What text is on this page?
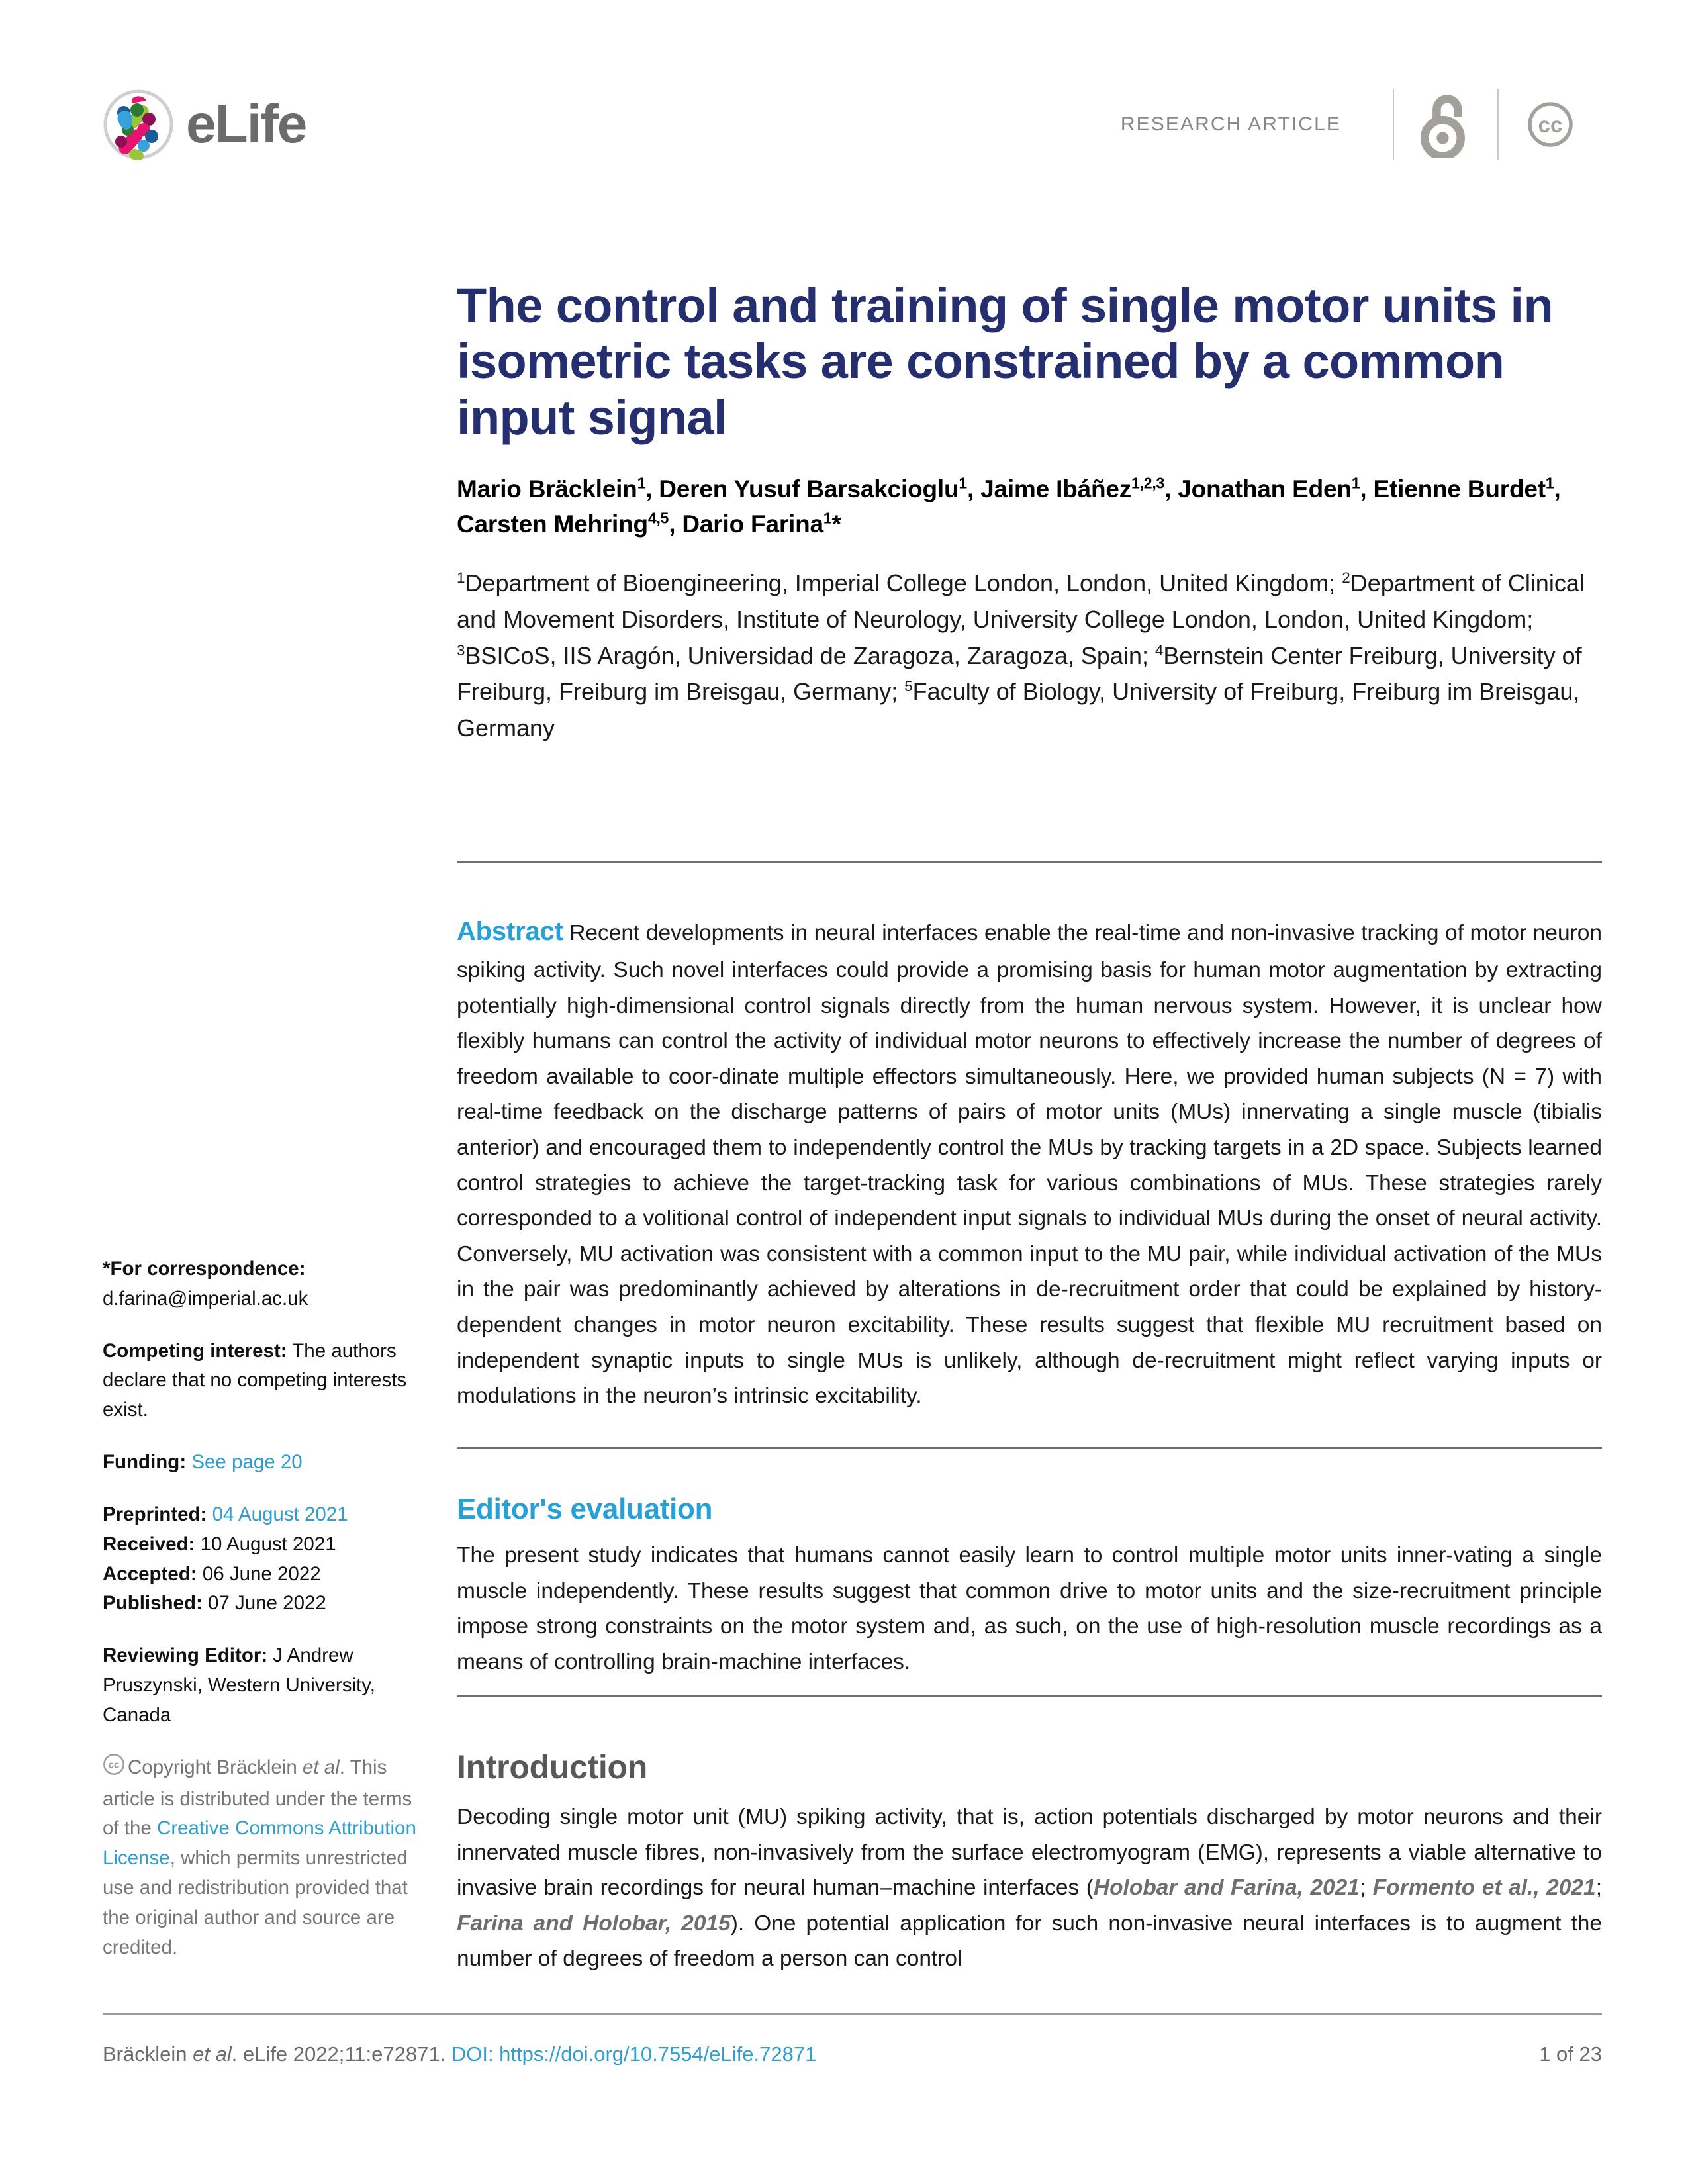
eLife	RESEARCH ARTICLE	cc
The control and training of single motor units in isometric tasks are constrained by a common input signal
Mario Bräcklein$^1$, Deren Yusuf Barsakcioglu$^1$, Jaime Ibáñez$^{1,2,3}$, Jonathan Eden$^1$, Etienne Burdet$^1$, Carsten Mehring$^{4,5}$, Dario Farina$^1$*
$^1$Department of Bioengineering, Imperial College London, London, United Kingdom; $^2$Department of Clinical and Movement Disorders, Institute of Neurology, University College London, London, United Kingdom; $^3$BSICoS, IIS Aragón, Universidad de Zaragoza, Zaragoza, Spain; $^4$Bernstein Center Freiburg, University of Freiburg, Freiburg im Breisgau, Germany; $^5$Faculty of Biology, University of Freiburg, Freiburg im Breisgau, Germany

Abstract Recent developments in neural interfaces enable the real-time and non-invasive tracking of motor neuron spiking activity. Such novel interfaces could provide a promising basis for human motor augmentation by extracting potentially high-dimensional control signals directly from the human nervous system. However, it is unclear how flexibly humans can control the activity of individual motor neurons to effectively increase the number of degrees of freedom available to coor-dinate multiple effectors simultaneously. Here, we provided human subjects (N = 7) with real-time feedback on the discharge patterns of pairs of motor units (MUs) innervating a single muscle (tibialis anterior) and encouraged them to independently control the MUs by tracking targets in a 2D space. Subjects learned control strategies to achieve the target-tracking task for various combinations of MUs. These strategies rarely corresponded to a volitional control of independent input signals to individual MUs during the onset of neural activity. Conversely, MU activation was consistent with a common input to the MU pair, while individual activation of the MUs in the pair was predominantly achieved by alterations in de-recruitment order that could be explained by history-dependent changes in motor neuron excitability. These results suggest that flexible MU recruitment based on independent synaptic inputs to single MUs is unlikely, although de-recruitment might reflect varying inputs or modulations in the neuron’s intrinsic excitability.

Editor's evaluation

The present study indicates that humans cannot easily learn to control multiple motor units inner-vating a single muscle independently. These results suggest that common drive to motor units and the size-recruitment principle impose strong constraints on the motor system and, as such, on the use of high-resolution muscle recordings as a means of controlling brain-machine interfaces.

Introduction

Decoding single motor unit (MU) spiking activity, that is, action potentials discharged by motor neurons and their innervated muscle fibres, non-invasively from the surface electromyogram (EMG), represents a viable alternative to invasive brain recordings for neural human–machine interfaces (Holobar and Farina, 2021; Formento et al., 2021; Farina and Holobar, 2015). One potential application for such non-invasive neural interfaces is to augment the number of degrees of freedom a person can control

*For correspondence:
d.farina@imperial.ac.uk
Competing interest: The authors declare that no competing interests exist.
Funding: See page 20
Preprinted: 04 August 2021
Received: 10 August 2021
Accepted: 06 June 2022
Published: 07 June 2022
Reviewing Editor: J Andrew Pruszynski, Western University, Canada
cc Copyright Bräcklein et al. This article is distributed under the terms of the Creative Commons Attribution License, which permits unrestricted use and redistribution provided that the original author and source are credited.
Bräcklein et al. eLife 2022;11:e72871. DOI: https://doi.org/10.7554/eLife.72871	1 of 23
